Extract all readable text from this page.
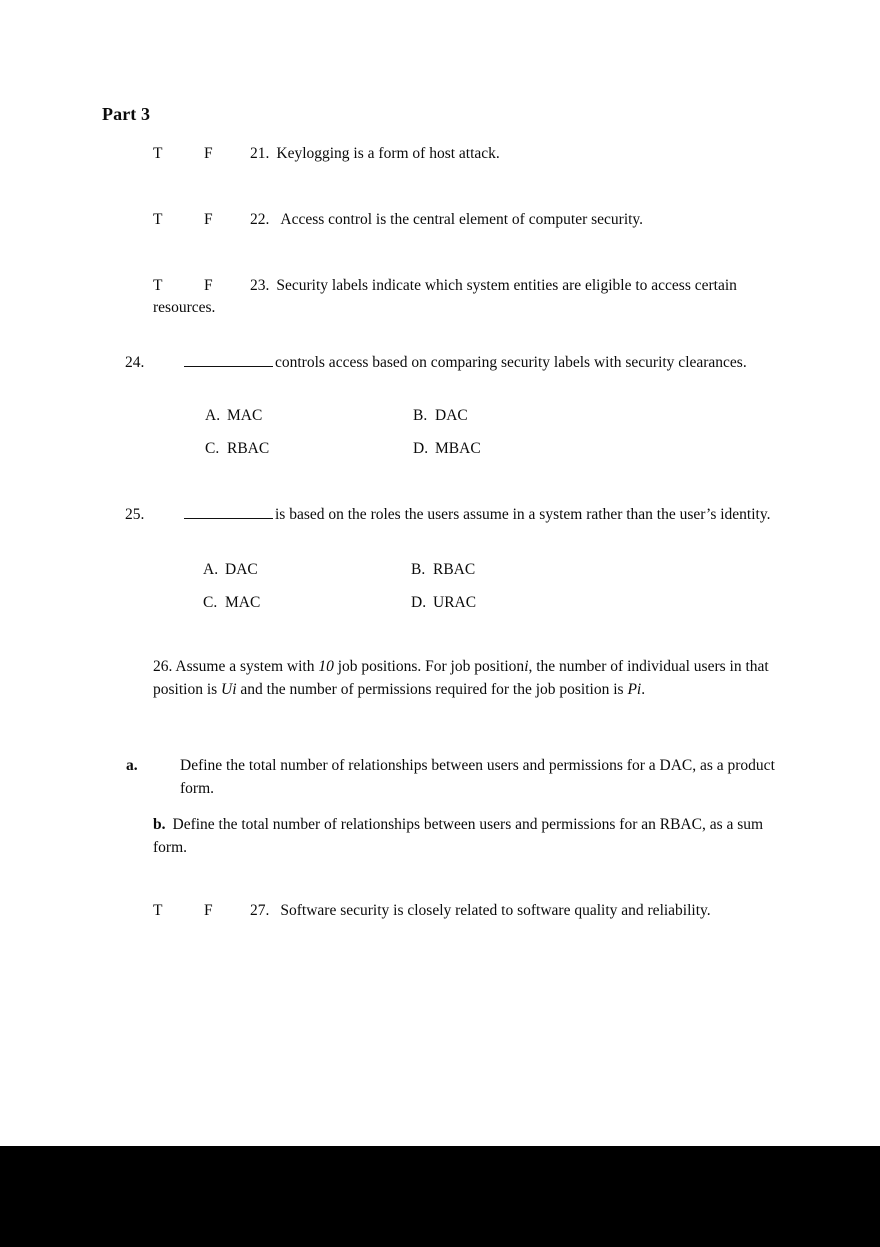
Part 3
T	F 21. Keylogging is a form of host attack.
T	F 22. Access control is the central element of computer security.
T	F 23. Security labels indicate which system entities are eligible to access certain resources.
24.	controls access based on comparing security labels with security clearances.
A. MAC	B. DAC
C. RBAC	D. MBAC
25.	is based on the roles the users assume in a system rather than the user’s identity.
A. DAC	B. RBAC
C. MAC	D. URAC
26. Assume a system with 10 job positions. For job positioni, the number of individual users in that position is Ui and the number of permissions required for the job position is Pi.
a.	Define the total number of relationships between users and permissions for a DAC, as a product form.
b. Define the total number of relationships between users and permissions for an RBAC, as a sum form.
T	F 27. Software security is closely related to software quality and reliability.
